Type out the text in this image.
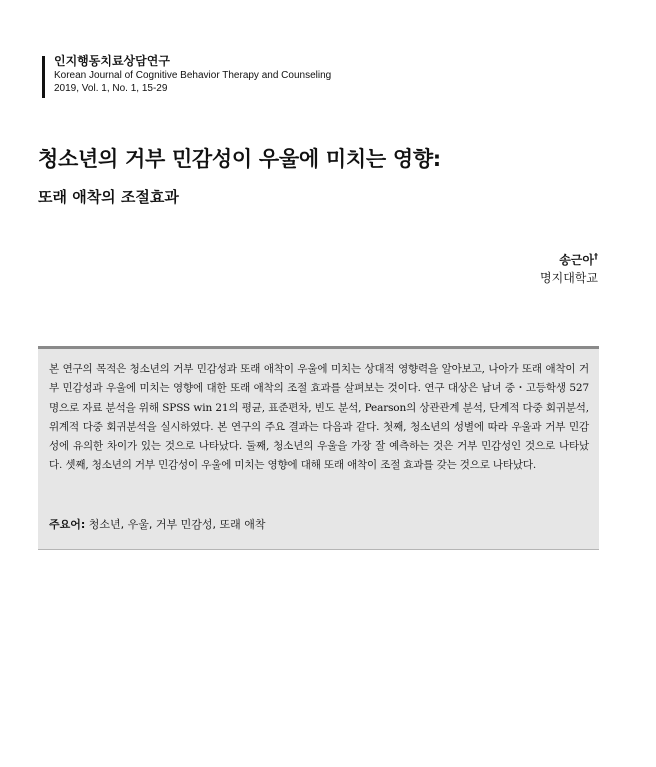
인지행동치료상담연구
Korean Journal of Cognitive Behavior Therapy and Counseling
2019, Vol. 1, No. 1, 15-29
청소년의 거부 민감성이 우울에 미치는 영향:
또래 애착의 조절효과
송근아†
명지대학교

본 연구의 목적은 청소년의 거부 민감성과 또래 애착이 우울에 미치는 상대적 영향력을 알아보고, 나아가 또래 애착이 거부 민감성과 우울에 미치는 영향에 대한 또래 애착의 조절 효과를 살펴보는 것이다. 연구 대상은 남녀 중・고등학생 527명으로 자료 분석을 위해 SPSS win 21의 평균, 표준편차, 빈도 분석, Pearson의 상관관계 분석, 단계적 다중 회귀분석, 위계적 다중 회귀분석을 실시하였다. 본 연구의 주요 결과는 다음과 같다. 첫째, 청소년의 성별에 따라 우울과 거부 민감성에 유의한 차이가 있는 것으로 나타났다. 둘째, 청소년의 우울을 가장 잘 예측하는 것은 거부 민감성인 것으로 나타났다. 셋째, 청소년의 거부 민감성이 우울에 미치는 영향에 대해 또래 애착이 조절 효과를 갖는 것으로 나타났다.

주요어: 청소년, 우울, 거부 민감성, 또래 애착
